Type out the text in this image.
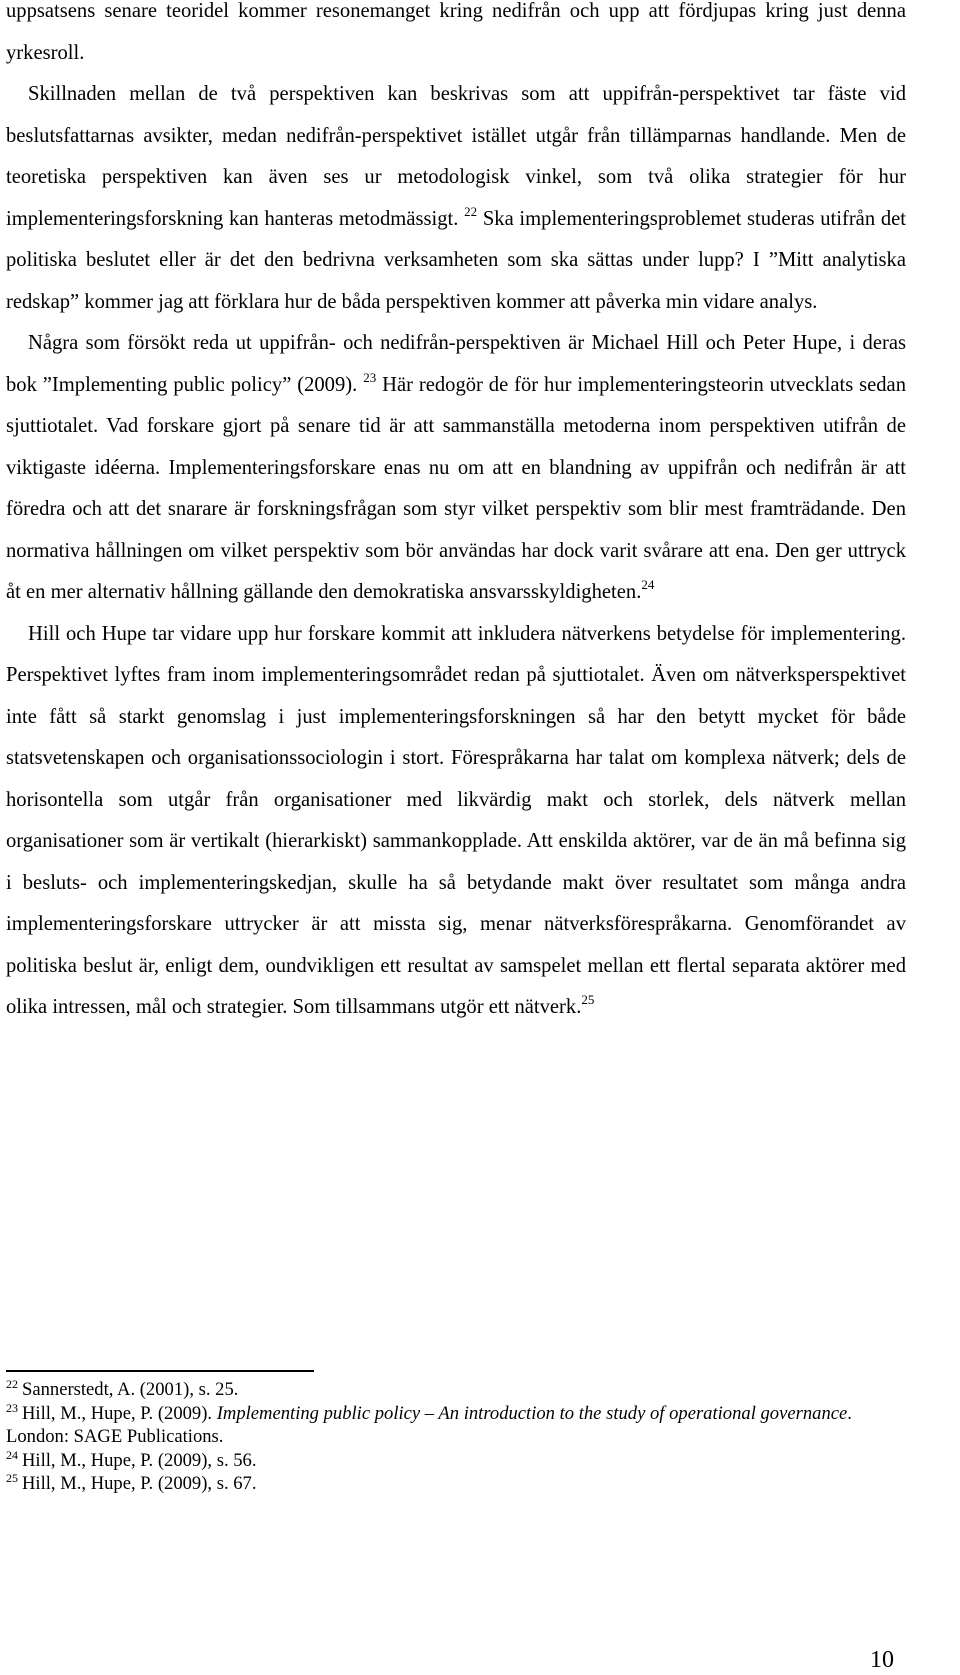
uppsatsens senare teoridel kommer resonemanget kring nedifrån och upp att fördjupas kring just denna yrkesroll.

Skillnaden mellan de två perspektiven kan beskrivas som att uppifrån-perspektivet tar fäste vid beslutsfattarnas avsikter, medan nedifrån-perspektivet istället utgår från tillämparnas handlande. Men de teoretiska perspektiven kan även ses ur metodologisk vinkel, som två olika strategier för hur implementeringsforskning kan hanteras metodmässigt. $^{22}$ Ska implementeringsproblemet studeras utifrån det politiska beslutet eller är det den bedrivna verksamheten som ska sättas under lupp? I ”Mitt analytiska redskap” kommer jag att förklara hur de båda perspektiven kommer att påverka min vidare analys.

Några som försökt reda ut uppifrån- och nedifrån-perspektiven är Michael Hill och Peter Hupe, i deras bok ”Implementing public policy” (2009). $^{23}$ Här redogör de för hur implementeringsteorin utvecklats sedan sjuttiotalet. Vad forskare gjort på senare tid är att sammanställa metoderna inom perspektiven utifrån de viktigaste idéerna. Implementeringsforskare enas nu om att en blandning av uppifrån och nedifrån är att föredra och att det snarare är forskningsfrågan som styr vilket perspektiv som blir mest framträdande. Den normativa hållningen om vilket perspektiv som bör användas har dock varit svårare att ena. Den ger uttryck åt en mer alternativ hållning gällande den demokratiska ansvarsskyldigheten.$^{24}$

Hill och Hupe tar vidare upp hur forskare kommit att inkludera nätverkens betydelse för implementering. Perspektivet lyftes fram inom implementeringsområdet redan på sjuttiotalet. Även om nätverksperspektivet inte fått så starkt genomslag i just implementeringsforskningen så har den betytt mycket för både statsvetenskapen och organisationssociologin i stort. Förespråkarna har talat om komplexa nätverk; dels de horisontella som utgår från organisationer med likvärdig makt och storlek, dels nätverk mellan organisationer som är vertikalt (hierarkiskt) sammankopplade. Att enskilda aktörer, var de än må befinna sig i besluts- och implementeringskedjan, skulle ha så betydande makt över resultatet som många andra implementeringsforskare uttrycker är att missta sig, menar nätverksförespråkarna. Genomförandet av politiska beslut är, enligt dem, oundvikligen ett resultat av samspelet mellan ett flertal separata aktörer med olika intressen, mål och strategier. Som tillsammans utgör ett nätverk.$^{25}$

$^{22}$ Sannerstedt, A. (2001), s. 25.

$^{23}$ Hill, M., Hupe, P. (2009). Implementing public policy – An introduction to the study of operational governance. London: SAGE Publications.

$^{24}$ Hill, M., Hupe, P. (2009), s. 56.

$^{25}$ Hill, M., Hupe, P. (2009), s. 67.

10
